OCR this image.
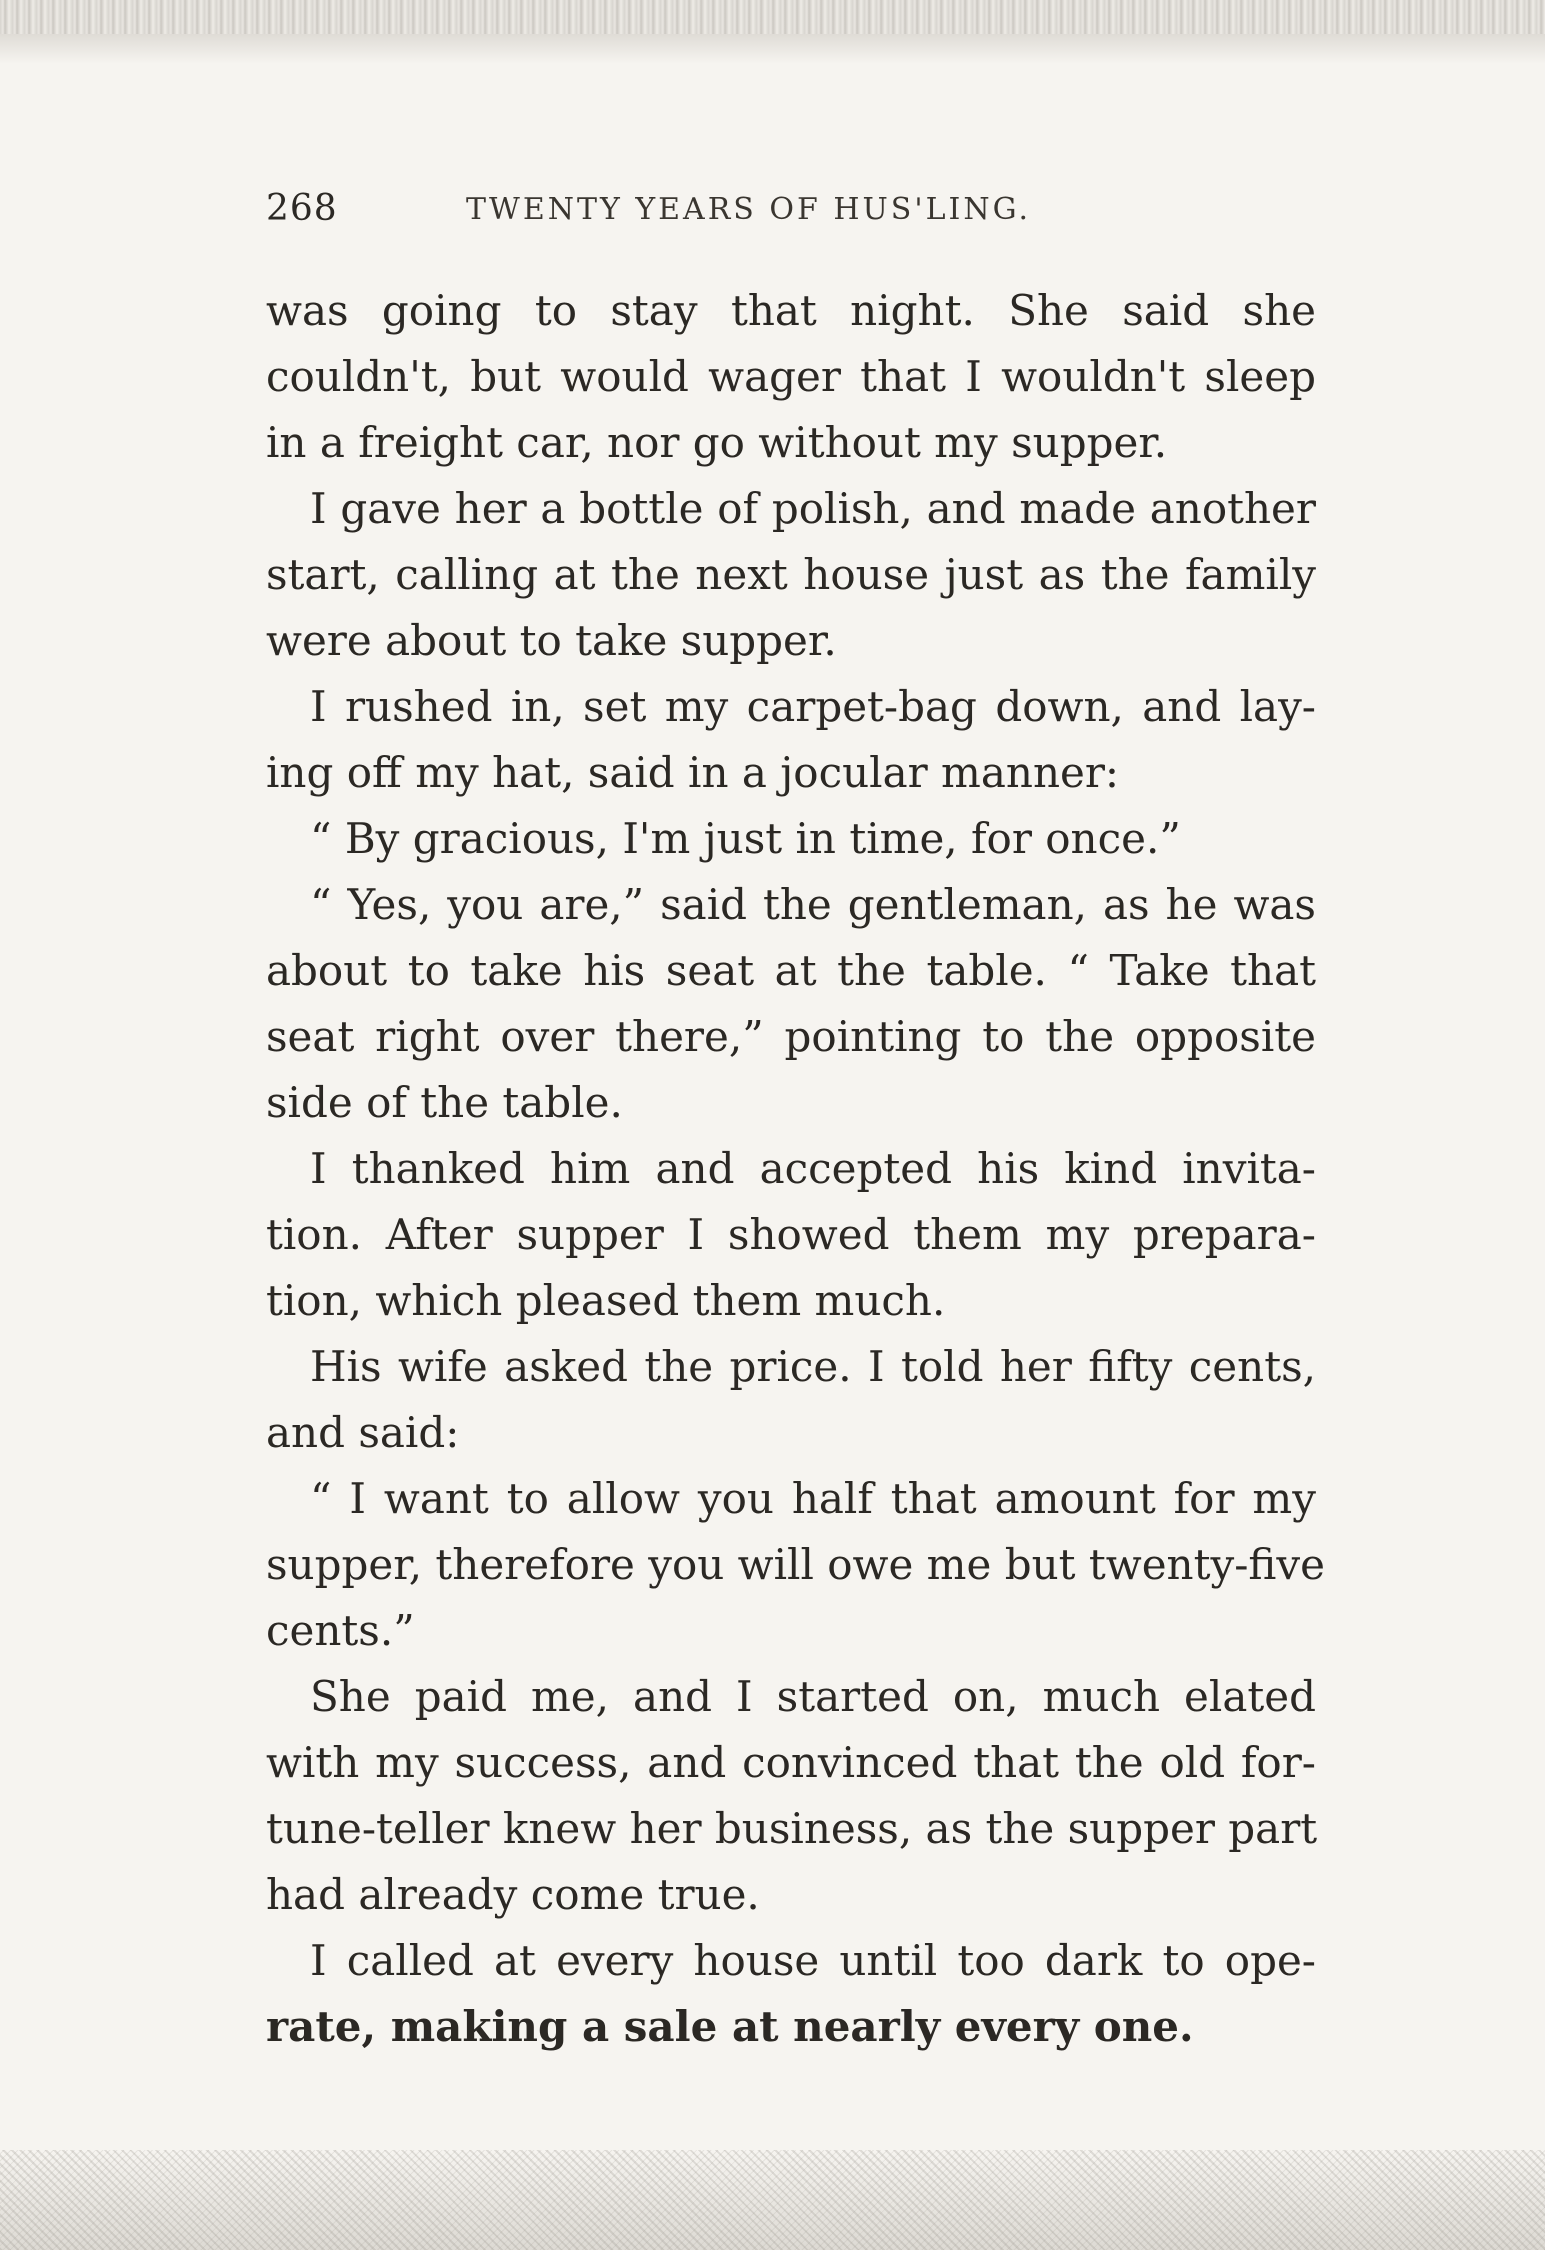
268	TWENTY YEARS OF HUS'LING.
was going to stay that night. She said she
couldn't, but would wager that I wouldn't sleep
in a freight car, nor go without my supper.
I gave her a bottle of polish, and made another
start, calling at the next house just as the family
were about to take supper.
I rushed in, set my carpet-bag down, and lay-
ing off my hat, said in a jocular manner:
“ By gracious, I'm just in time, for once.”
“ Yes, you are,” said the gentleman, as he was
about to take his seat at the table. “ Take that
seat right over there,” pointing to the opposite
side of the table.
I thanked him and accepted his kind invita-
tion. After supper I showed them my prepara-
tion, which pleased them much.
His wife asked the price. I told her fifty cents,
and said:
“ I want to allow you half that amount for my
supper, therefore you will owe me but twenty-five
cents.”
She paid me, and I started on, much elated
with my success, and convinced that the old for-
tune-teller knew her business, as the supper part
had already come true.
I called at every house until too dark to ope-
rate, making a sale at nearly every one.
